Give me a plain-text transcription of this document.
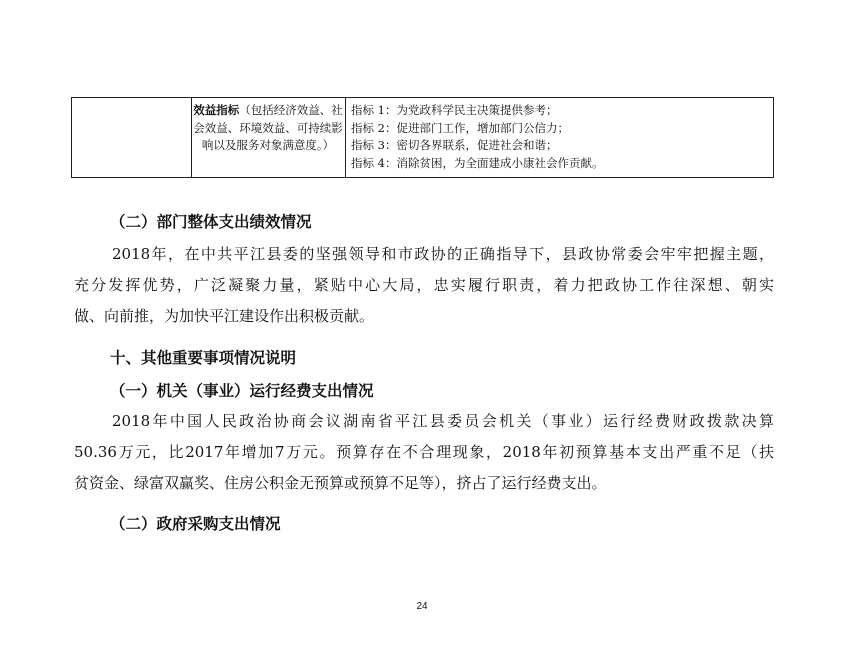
效益指标（包括经济效益、社会效益、环境效益、可持续影响以及服务对象满意度。）
指标 1：为党政科学民主决策提供参考；
指标 2：促进部门工作，增加部门公信力；
指标 3：密切各界联系，促进社会和谐；
指标 4：消除贫困，为全面建成小康社会作贡献。
（二）部门整体支出绩效情况
2018年，在中共平江县委的坚强领导和市政协的正确指导下，县政协常委会牢牢把握主题，
充分发挥优势，广泛凝聚力量，紧贴中心大局，忠实履行职责，着力把政协工作往深想、朝实
做、向前推，为加快平江建设作出积极贡献。
十、其他重要事项情况说明
（一）机关（事业）运行经费支出情况
2018年中国人民政治协商会议湖南省平江县委员会机关（事业）运行经费财政拨款决算
50.36万元，比2017年增加7万元。预算存在不合理现象，2018年初预算基本支出严重不足（扶
贫资金、绿富双赢奖、住房公积金无预算或预算不足等），挤占了运行经费支出。
（二）政府采购支出情况
24
